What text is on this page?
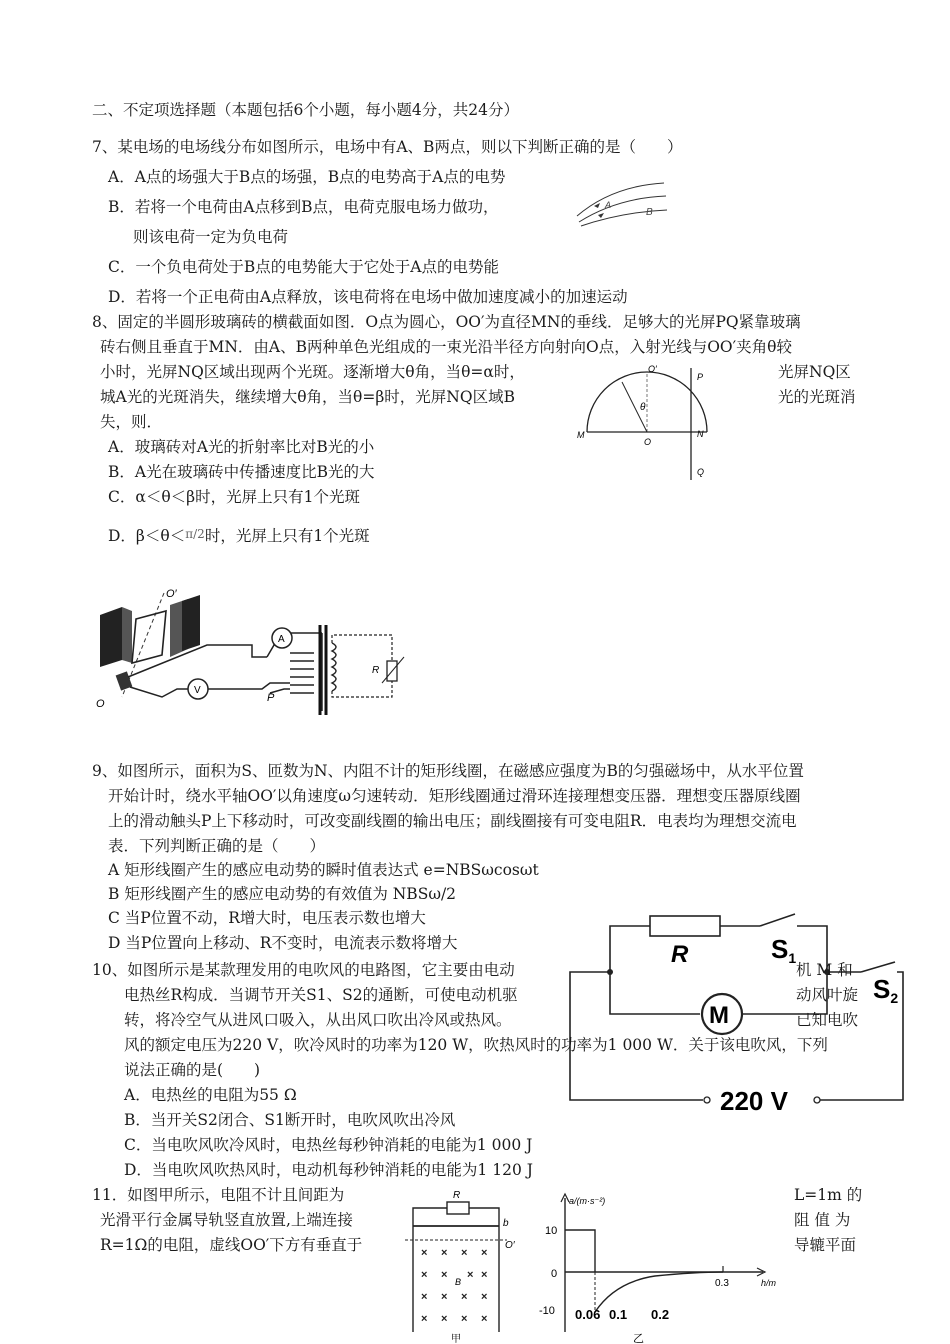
二、不定项选择题（本题包括6个小题，每小题4分，共24分）
7、某电场的电场线分布如图所示，电场中有A、B两点，则以下判断正确的是（　　）
A．A点的场强大于B点的场强，B点的电势高于A点的电势
B．若将一个电荷由A点移到B点，电荷克服电场力做功，
则该电荷一定为负电荷
C．一个负电荷处于B点的电势能大于它处于A点的电势能
D．若将一个正电荷由A点释放，该电荷将在电场中做加速度减小的加速运动
A
B
8、固定的半圆形玻璃砖的横截面如图．O点为圆心，OO′为直径MN的垂线．足够大的光屏PQ紧靠玻璃
砖右侧且垂直于MN．由A、B两种单色光组成的一束光沿半径方向射向O点，入射光线与OO′夹角θ较
小时，光屏NQ区域出现两个光斑。逐渐增大θ角，当θ=α时，	光屏NQ区
城A光的光斑消失，继续增大θ角，当θ=β时，光屏NQ区域B	光的光斑消
失，则．
A．玻璃砖对A光的折射率比对B光的小
B．A光在玻璃砖中传播速度比B光的大
C．α＜θ＜β时，光屏上只有1个光斑
D．β＜θ＜π/2时，光屏上只有1个光斑
θ
O′
M
O
N
P
Q
O′
O
A
V
P
R
9、如图所示，面积为S、匝数为N、内阻不计的矩形线圈，在磁感应强度为B的匀强磁场中，从水平位置
开始计时，绕水平轴OO′以角速度ω匀速转动．矩形线圈通过滑环连接理想变压器．理想变压器原线圈
上的滑动触头P上下移动时，可改变副线圈的输出电压；副线圈接有可变电阻R．电表均为理想交流电
表．下列判断正确的是（　　）
A 矩形线圈产生的感应电动势的瞬时值表达式 e=NBSωcosωt
B 矩形线圈产生的感应电动势的有效值为 NBSω/2
C 当P位置不动，R增大时，电压表示数也增大
D 当P位置向上移动、R不变时，电流表示数将增大	R	S1
S2
M
220 V
10、如图所示是某款理发用的电吹风的电路图，它主要由电动	机 M 和
电热丝R构成．当调节开关S1、S2的通断，可使电动机驱	动风叶旋
转，将冷空气从进风口吸入，从出风口吹出冷风或热风。	已知电吹
风的额定电压为220 V，吹冷风时的功率为120 W，吹热风时的功率为1 000 W．关于该电吹风，下列
说法正确的是(　　)
A．电热丝的电阻为55 Ω
B．当开关S2闭合、S1断开时，电吹风吹出冷风
C．当电吹风吹冷风时，电热丝每秒钟消耗的电能为1 000 J
D．当电吹风吹热风时，电动机每秒钟消耗的电能为1 120 J
11．如图甲所示，电阻不计且间距为	L=1m 的
光滑平行金属导轨竖直放置,上端连接	阻 值 为
R=1Ω的电阻，虚线OO′下方有垂直于	导辘平面
R
b
O′
B
× × × ×
× × × ×
× × × ×
× × × ×
甲
a/(m·s⁻²)
h/m
10
0
-10
0.3
0.06 0.1 0.2
乙
